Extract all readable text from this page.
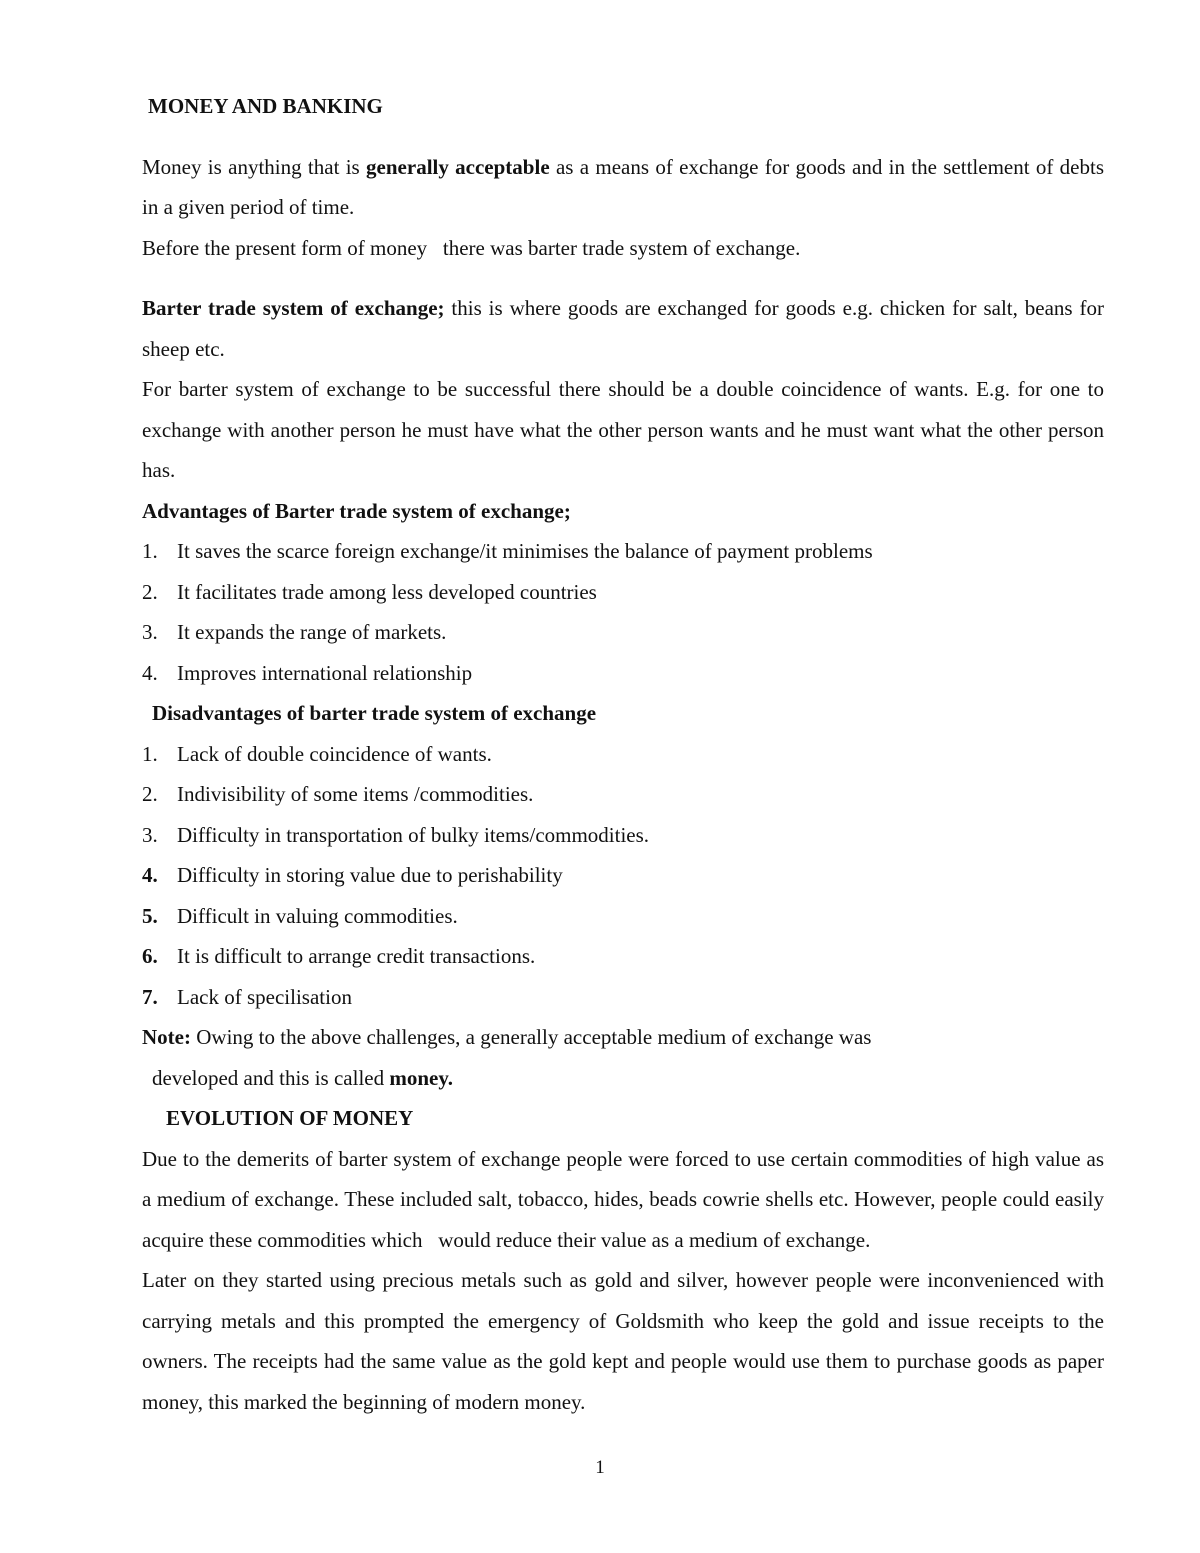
MONEY AND BANKING

Money is anything that is generally acceptable as a means of exchange for goods and in the settlement of debts in a given period of time.

Before the present form of money   there was barter trade system of exchange.

Barter trade system of exchange; this is where goods are exchanged for goods e.g. chicken for salt, beans for sheep etc.

For barter system of exchange to be successful there should be a double coincidence of wants. E.g. for one to exchange with another person he must have what the other person wants and he must want what the other person has.

Advantages of Barter trade system of exchange;

1. It saves the scarce foreign exchange/it minimises the balance of payment problems
2. It facilitates trade among less developed countries
3. It expands the range of markets.
4. Improves international relationship

Disadvantages of barter trade system of exchange

1. Lack of double coincidence of wants.
2. Indivisibility of some items /commodities.
3. Difficulty in transportation of bulky items/commodities.
4. Difficulty in storing value due to perishability
5. Difficult in valuing commodities.
6. It is difficult to arrange credit transactions.
7. Lack of specilisation

Note: Owing to the above challenges, a generally acceptable medium of exchange was

developed and this is called money.

EVOLUTION OF MONEY

Due to the demerits of barter system of exchange people were forced to use certain commodities of high value as a medium of exchange. These included salt, tobacco, hides, beads cowrie shells etc. However, people could easily acquire these commodities which   would reduce their value as a medium of exchange.

Later on they started using precious metals such as gold and silver, however people were inconvenienced with carrying metals and this prompted the emergency of Goldsmith who keep the gold and issue receipts to the owners. The receipts had the same value as the gold kept and people would use them to purchase goods as paper money, this marked the beginning of modern money.

1
